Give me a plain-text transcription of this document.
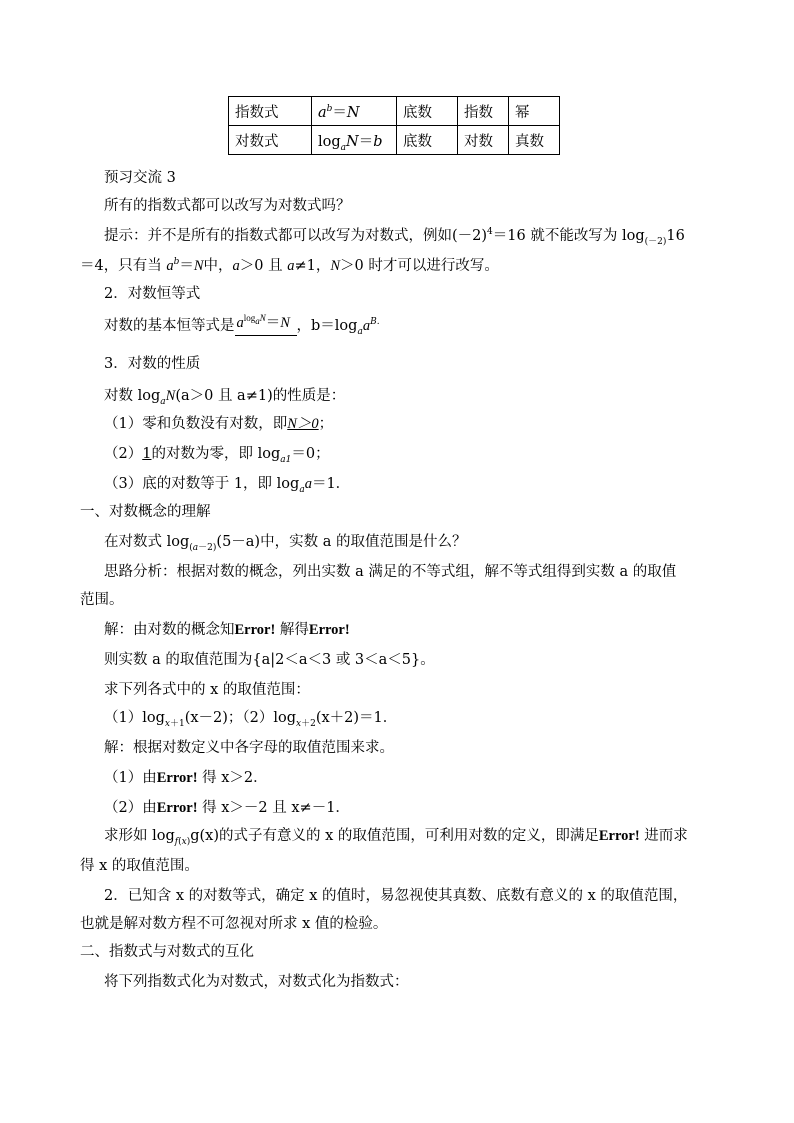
指数式	$a^b=N$	底数	指数	幂
对数式	$\log_aN=b$	底数	对数	真数
预习交流 3
所有的指数式都可以改写为对数式吗？
提示：并不是所有的指数式都可以改写为对数式，例如$(-2)^4=16$ 就不能改写为 $\log_{(-2)}16$
＝4，只有当 $a^b=N$中，a＞0 且 a≠1，N＞0 时才可以进行改写。
2．对数恒等式
对数的基本恒等式是 $a^{log_aN}=N$ ，$b=\log_aa^{B.}$
3．对数的性质
对数 $\log_aN(a>0$ 且 a≠1)的性质是：
（1）零和负数没有对数，即N＞0；
（2）1的对数为零，即 $\log_{a1}=0$；
（3）底的对数等于 1，即 $\log_aa=1$．
一、对数概念的理解
在对数式 $\log_{(a-2)}(5-a)$中，实数 a 的取值范围是什么？
思路分析：根据对数的概念，列出实数 a 满足的不等式组，解不等式组得到实数 a 的取值
范围。
解：由对数的概念知Error! 解得Error!
则实数 a 的取值范围为{a|2＜a＜3 或 3＜a＜5}。
求下列各式中的 x 的取值范围：
$(1)\log_{x+1}(x-2)$；$(2)\log_{x+2}(x+2)=1$．
解：根据对数定义中各字母的取值范围来求。
（1）由Error! 得 x＞2．
（2）由Error! 得 x＞－2 且 x≠－1．
求形如 $\log_{f(x)}g(x)$的式子有意义的 x 的取值范围，可利用对数的定义，即满足Error! 进而求
得 x 的取值范围。
2．已知含 x 的对数等式，确定 x 的值时，易忽视使其真数、底数有意义的 x 的取值范围，
也就是解对数方程不可忽视对所求 x 值的检验。
二、指数式与对数式的互化
将下列指数式化为对数式，对数式化为指数式：
